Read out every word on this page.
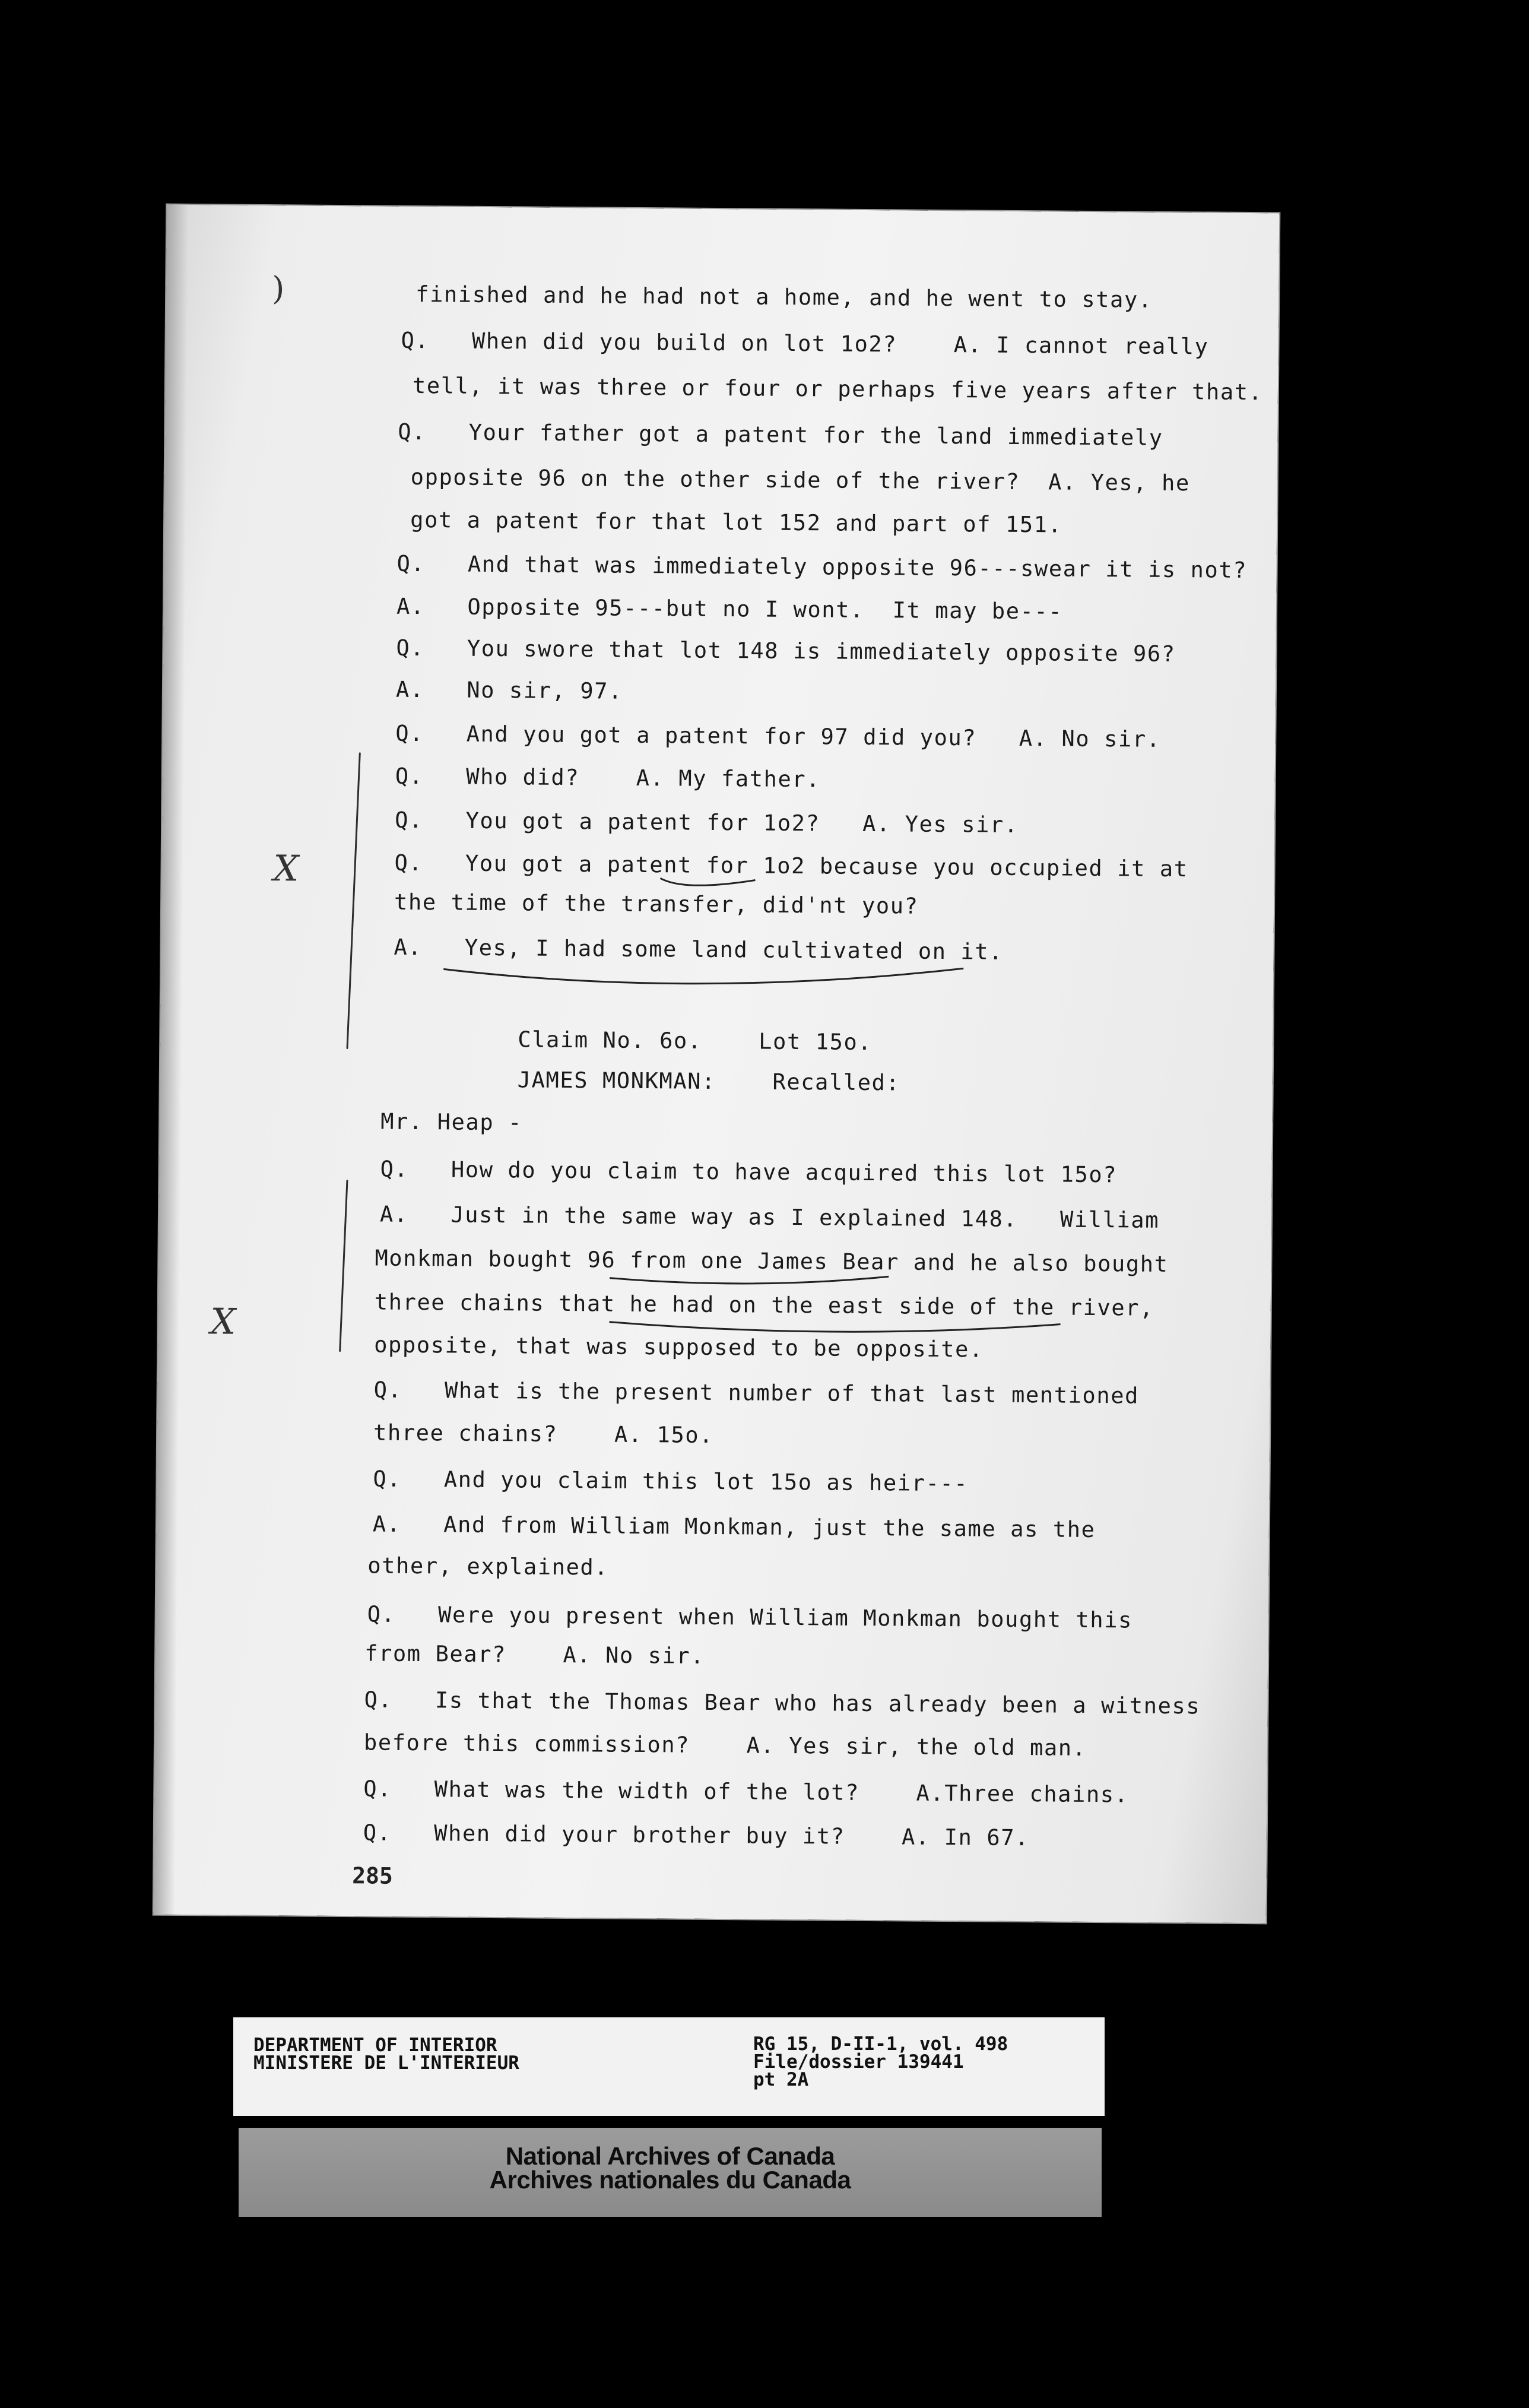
finished and he had not a home, and he went to stay.
Q.   When did you build on lot 1o2?    A. I cannot really
tell, it was three or four or perhaps five years after that.
Q.   Your father got a patent for the land immediately
opposite 96 on the other side of the river?  A. Yes, he
got a patent for that lot 152 and part of 151.
Q.   And that was immediately opposite 96---swear it is not?
A.   Opposite 95---but no I wont.  It may be---
Q.   You swore that lot 148 is immediately opposite 96?
A.   No sir, 97.
Q.   And you got a patent for 97 did you?   A. No sir.
Q.   Who did?    A. My father.
Q.   You got a patent for 1o2?   A. Yes sir.
Q.   You got a patent for 1o2 because you occupied it at
the time of the transfer, did'nt you?
A.   Yes, I had some land cultivated on it.
Claim No. 6o.    Lot 15o.
JAMES MONKMAN:    Recalled:
Mr. Heap -
Q.   How do you claim to have acquired this lot 15o?
A.   Just in the same way as I explained 148.   William
Monkman bought 96 from one James Bear and he also bought
three chains that he had on the east side of the river,
opposite, that was supposed to be opposite.
Q.   What is the present number of that last mentioned
three chains?    A. 15o.
Q.   And you claim this lot 15o as heir---
A.   And from William Monkman, just the same as the
other, explained.
Q.   Were you present when William Monkman bought this
from Bear?    A. No sir.
Q.   Is that the Thomas Bear who has already been a witness
before this commission?    A. Yes sir, the old man.
Q.   What was the width of the lot?    A.Three chains.
Q.   When did your brother buy it?    A. In 67.
285
)
X
X
DEPARTMENT OF INTERIOR
MINISTERE DE L'INTERIEUR
RG 15, D-II-1, vol. 498
File/dossier 139441
pt 2A
National Archives of Canada
Archives nationales du Canada
